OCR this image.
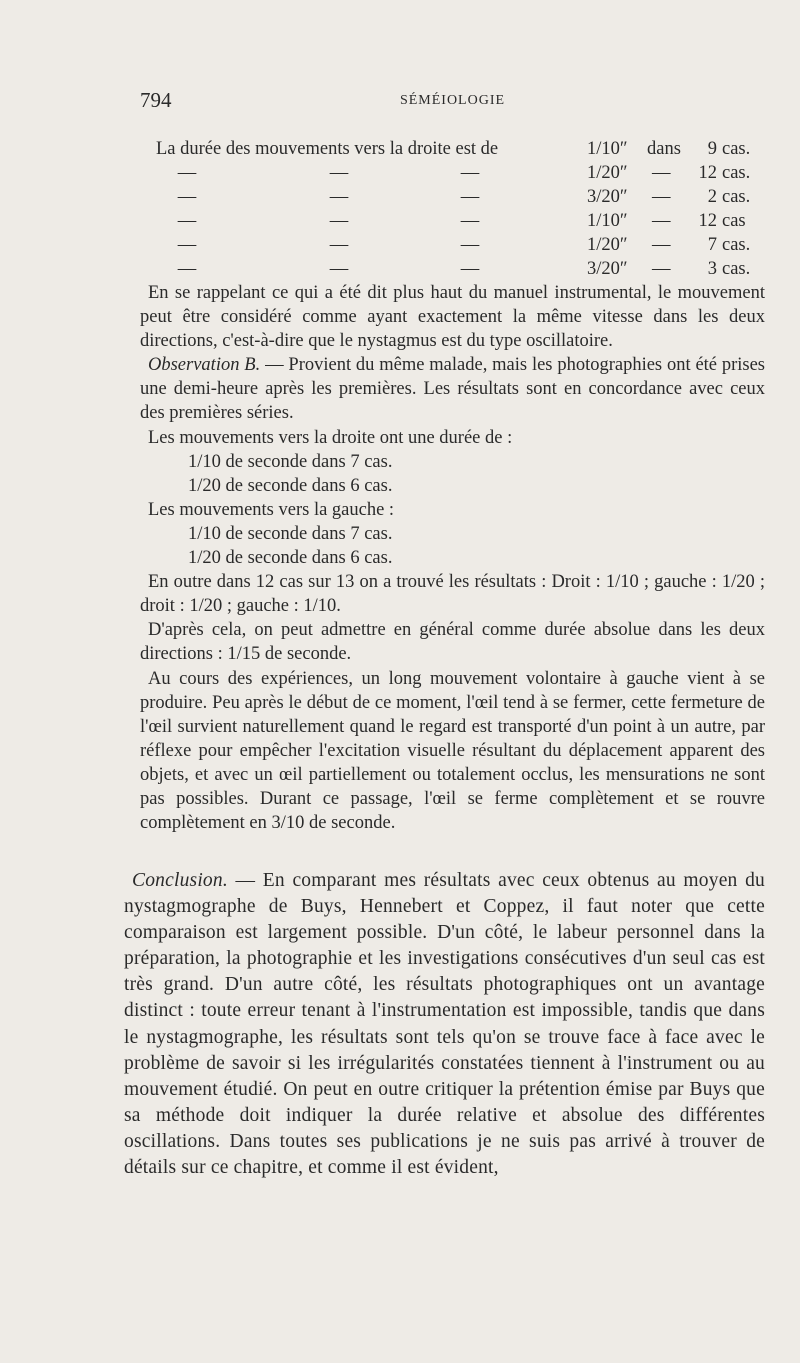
794	SÉMÉIOLOGIE
La durée des mouvements vers la droite est de	1/10″ dans 9 cas.
—	—	—	1/20″ — 12 cas.
—	—	—	3/20″ — 2 cas.
—	—	—	1/10″ — 12 cas
—	—	—	1/20″ — 7 cas.
—	—	—	3/20″ — 3 cas.

En se rappelant ce qui a été dit plus haut du manuel instrumental, le mouvement peut être considéré comme ayant exactement la même vitesse dans les deux directions, c'est-à-dire que le nystagmus est du type oscillatoire.

Observation B. — Provient du même malade, mais les photographies ont été prises une demi-heure après les premières. Les résultats sont en concordance avec ceux des premières séries.

Les mouvements vers la droite ont une durée de :

1/10 de seconde dans 7 cas.

1/20 de seconde dans 6 cas.

Les mouvements vers la gauche :

1/10 de seconde dans 7 cas.

1/20 de seconde dans 6 cas.

En outre dans 12 cas sur 13 on a trouvé les résultats : Droit : 1/10 ; gauche : 1/20 ; droit : 1/20 ; gauche : 1/10.

D'après cela, on peut admettre en général comme durée absolue dans les deux directions : 1/15 de seconde.

Au cours des expériences, un long mouvement volontaire à gauche vient à se produire. Peu après le début de ce moment, l'œil tend à se fermer, cette fermeture de l'œil survient naturellement quand le regard est transporté d'un point à un autre, par réflexe pour empêcher l'excitation visuelle résultant du déplacement apparent des objets, et avec un œil partiellement ou totalement occlus, les mensurations ne sont pas possibles. Durant ce passage, l'œil se ferme complètement et se rouvre complètement en 3/10 de seconde.

Conclusion. — En comparant mes résultats avec ceux obtenus au moyen du nystagmographe de Buys, Hennebert et Coppez, il faut noter que cette comparaison est largement possible. D'un côté, le labeur personnel dans la préparation, la photographie et les investigations consécutives d'un seul cas est très grand. D'un autre côté, les résultats photographiques ont un avantage distinct : toute erreur tenant à l'instrumentation est impossible, tandis que dans le nystagmographe, les résultats sont tels qu'on se trouve face à face avec le problème de savoir si les irrégularités constatées tiennent à l'instrument ou au mouvement étudié. On peut en outre critiquer la prétention émise par Buys que sa méthode doit indiquer la durée relative et absolue des différentes oscillations. Dans toutes ses publications je ne suis pas arrivé à trouver de détails sur ce chapitre, et comme il est évident,
